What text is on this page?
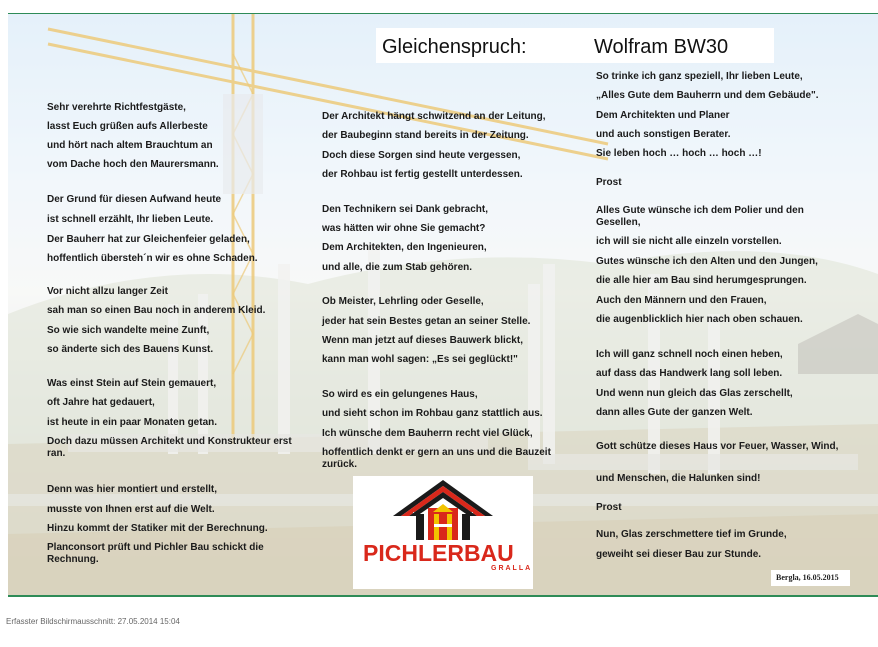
Gleichenspruch:	Wolfram BW30
Sehr verehrte Richtfestgäste,
lasst Euch grüßen aufs Allerbeste
und hört nach altem Brauchtum an
vom Dache hoch den Maurersmann.
Der Grund für diesen Aufwand heute
ist schnell erzählt, Ihr lieben Leute.
Der Bauherr hat zur Gleichenfeier geladen,
hoffentlich übersteh´n wir es ohne Schaden.
Vor nicht allzu langer Zeit
sah man so einen Bau noch in anderem Kleid.
So wie sich wandelte meine Zunft,
so änderte sich des Bauens Kunst.
Was einst Stein auf Stein gemauert,
oft Jahre hat gedauert,
ist heute in ein paar Monaten getan.
Doch dazu müssen Architekt und Konstrukteur erst ran.
Denn was hier montiert und erstellt,
musste von Ihnen erst auf die Welt.
Hinzu kommt der Statiker mit der Berechnung.
Planconsort prüft und Pichler Bau schickt die Rechnung.
Der Architekt hängt schwitzend an der Leitung,
der Baubeginn stand bereits in der Zeitung.
Doch diese Sorgen sind heute vergessen,
der Rohbau ist fertig gestellt unterdessen.
Den Technikern sei Dank gebracht,
was hätten wir ohne Sie gemacht?
Dem Architekten, den Ingenieuren,
und alle, die zum Stab gehören.
Ob Meister, Lehrling oder Geselle,
jeder hat sein Bestes getan an seiner Stelle.
Wenn man jetzt auf dieses Bauwerk blickt,
kann man wohl sagen: „Es sei geglückt!"
So wird es ein gelungenes Haus,
und sieht schon im Rohbau ganz stattlich aus.
Ich wünsche dem Bauherrn recht viel Glück,
hoffentlich denkt er gern an uns und die Bauzeit zurück.
So trinke ich ganz speziell, Ihr lieben Leute,
„Alles Gute dem Bauherrn und dem Gebäude".
Dem Architekten und Planer
und auch sonstigen Berater.
Sie leben hoch … hoch … hoch …!
Prost
Alles Gute wünsche ich dem Polier und den Gesellen,
ich will sie nicht alle einzeln vorstellen.
Gutes wünsche ich den Alten und den Jungen,
die alle hier am Bau sind herumgesprungen.
Auch den Männern und den Frauen,
die augenblicklich hier nach oben schauen.
Ich will ganz schnell noch einen heben,
auf dass das Handwerk lang soll leben.
Und wenn nun gleich das Glas zerschellt,
dann alles Gute der ganzen Welt.
Gott schütze dieses Haus vor Feuer, Wasser, Wind,
und Menschen, die Halunken sind!
Prost
Nun, Glas zerschmettere tief im Grunde,
geweiht sei dieser Bau zur Stunde.
PICHLERBAU
GRALLA
Bergla, 16.05.2015
Erfasster Bildschirmausschnitt: 27.05.2014 15:04
